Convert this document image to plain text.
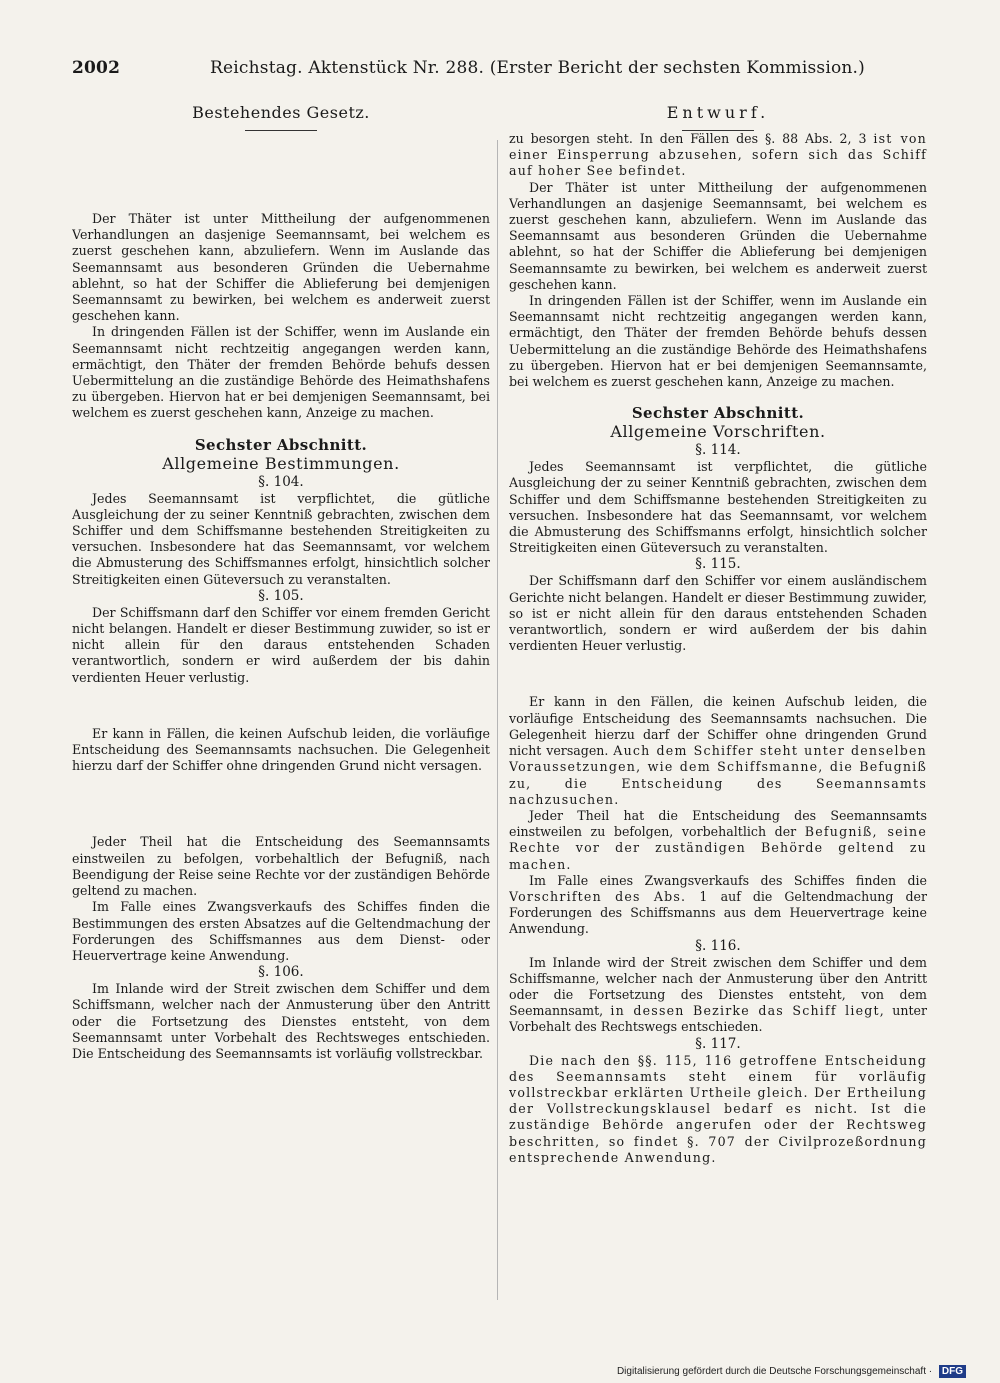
2002	Reichstag. Aktenstück Nr. 288. (Erster Bericht der sechsten Kommission.)
Bestehendes Gesetz.

Der Thäter ist unter Mittheilung der aufgenommenen Verhandlungen an dasjenige Seemannsamt, bei welchem es zuerst geschehen kann, abzuliefern. Wenn im Auslande das Seemannsamt aus besonderen Gründen die Uebernahme ablehnt, so hat der Schiffer die Ablieferung bei demjenigen Seemannsamt zu bewirken, bei welchem es anderweit zuerst geschehen kann.

In dringenden Fällen ist der Schiffer, wenn im Auslande ein Seemannsamt nicht rechtzeitig angegangen werden kann, ermächtigt, den Thäter der fremden Behörde behufs dessen Uebermittelung an die zuständige Behörde des Heimathshafens zu übergeben. Hiervon hat er bei demjenigen Seemannsamt, bei welchem es zuerst geschehen kann, Anzeige zu machen.

Sechster Abschnitt.

Allgemeine Bestimmungen.

§. 104.

Jedes Seemannsamt ist verpflichtet, die gütliche Ausgleichung der zu seiner Kenntniß gebrachten, zwischen dem Schiffer und dem Schiffsmanne bestehenden Streitigkeiten zu versuchen. Insbesondere hat das Seemannsamt, vor welchem die Abmusterung des Schiffsmannes erfolgt, hinsichtlich solcher Streitigkeiten einen Güteversuch zu veranstalten.

§. 105.

Der Schiffsmann darf den Schiffer vor einem fremden Gericht nicht belangen. Handelt er dieser Bestimmung zuwider, so ist er nicht allein für den daraus entstehenden Schaden verantwortlich, sondern er wird außerdem der bis dahin verdienten Heuer verlustig.

Er kann in Fällen, die keinen Aufschub leiden, die vorläufige Entscheidung des Seemannsamts nachsuchen. Die Gelegenheit hierzu darf der Schiffer ohne dringenden Grund nicht versagen.

Jeder Theil hat die Entscheidung des Seemannsamts einstweilen zu befolgen, vorbehaltlich der Befugniß, nach Beendigung der Reise seine Rechte vor der zuständigen Behörde geltend zu machen.

Im Falle eines Zwangsverkaufs des Schiffes finden die Bestimmungen des ersten Absatzes auf die Geltendmachung der Forderungen des Schiffsmannes aus dem Dienst- oder Heuervertrage keine Anwendung.

§. 106.

Im Inlande wird der Streit zwischen dem Schiffer und dem Schiffsmann, welcher nach der Anmusterung über den Antritt oder die Fortsetzung des Dienstes entsteht, von dem Seemannsamt unter Vorbehalt des Rechtsweges entschieden. Die Entscheidung des Seemannsamts ist vorläufig vollstreckbar.

Entwurf.

zu besorgen steht. In den Fällen des §. 88 Abs. 2, 3 ist von einer Einsperrung abzusehen, sofern sich das Schiff auf hoher See befindet.

Der Thäter ist unter Mittheilung der aufgenommenen Verhandlungen an dasjenige Seemannsamt, bei welchem es zuerst geschehen kann, abzuliefern. Wenn im Auslande das Seemannsamt aus besonderen Gründen die Uebernahme ablehnt, so hat der Schiffer die Ablieferung bei demjenigen Seemannsamte zu bewirken, bei welchem es anderweit zuerst geschehen kann.

In dringenden Fällen ist der Schiffer, wenn im Auslande ein Seemannsamt nicht rechtzeitig angegangen werden kann, ermächtigt, den Thäter der fremden Behörde behufs dessen Uebermittelung an die zuständige Behörde des Heimathshafens zu übergeben. Hiervon hat er bei demjenigen Seemannsamte, bei welchem es zuerst geschehen kann, Anzeige zu machen.

Sechster Abschnitt.

Allgemeine Vorschriften.

§. 114.

Jedes Seemannsamt ist verpflichtet, die gütliche Ausgleichung der zu seiner Kenntniß gebrachten, zwischen dem Schiffer und dem Schiffsmanne bestehenden Streitigkeiten zu versuchen. Insbesondere hat das Seemannsamt, vor welchem die Abmusterung des Schiffsmanns erfolgt, hinsichtlich solcher Streitigkeiten einen Güteversuch zu veranstalten.

§. 115.

Der Schiffsmann darf den Schiffer vor einem ausländischem Gerichte nicht belangen. Handelt er dieser Bestimmung zuwider, so ist er nicht allein für den daraus entstehenden Schaden verantwortlich, sondern er wird außerdem der bis dahin verdienten Heuer verlustig.

Er kann in den Fällen, die keinen Aufschub leiden, die vorläufige Entscheidung des Seemannsamts nachsuchen. Die Gelegenheit hierzu darf der Schiffer ohne dringenden Grund nicht versagen. Auch dem Schiffer steht unter denselben Voraussetzungen, wie dem Schiffsmanne, die Befugniß zu, die Entscheidung des Seemannsamts nachzusuchen.

Jeder Theil hat die Entscheidung des Seemannsamts einstweilen zu befolgen, vorbehaltlich der Befugniß, seine Rechte vor der zuständigen Behörde geltend zu machen.

Im Falle eines Zwangsverkaufs des Schiffes finden die Vorschriften des Abs. 1 auf die Geltendmachung der Forderungen des Schiffsmanns aus dem Heuervertrage keine Anwendung.

§. 116.

Im Inlande wird der Streit zwischen dem Schiffer und dem Schiffsmanne, welcher nach der Anmusterung über den Antritt oder die Fortsetzung des Dienstes entsteht, von dem Seemannsamt, in dessen Bezirke das Schiff liegt, unter Vorbehalt des Rechtswegs entschieden.

§. 117.

Die nach den §§. 115, 116 getroffene Entscheidung des Seemannsamts steht einem für vorläufig vollstreckbar erklärten Urtheile gleich. Der Ertheilung der Vollstreckungsklausel bedarf es nicht. Ist die zuständige Behörde angerufen oder der Rechtsweg beschritten, so findet §. 707 der Civilprozeßordnung entsprechende Anwendung.

Digitalisierung gefördert durch die Deutsche Forschungsgemeinschaft · DFG
